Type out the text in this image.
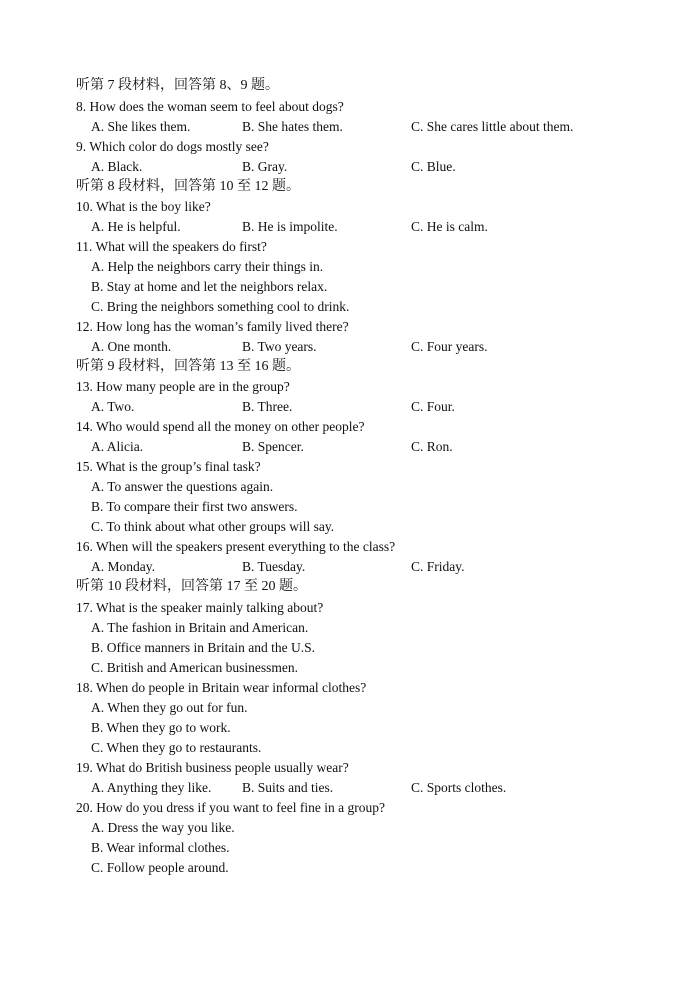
听第 7 段材料，回答第 8、9 题。
8. How does the woman seem to feel about dogs?
A. She likes them.	B. She hates them.	C. She cares little about them.
9. Which color do dogs mostly see?
A. Black.	B. Gray.	C. Blue.
听第 8 段材料，回答第 10 至 12 题。
10. What is the boy like?
A. He is helpful.	B. He is impolite.	C. He is calm.
11. What will the speakers do first?
A. Help the neighbors carry their things in.
B. Stay at home and let the neighbors relax.
C. Bring the neighbors something cool to drink.
12. How long has the woman’s family lived there?
A. One month.	B. Two years.	C. Four years.
听第 9 段材料，回答第 13 至 16 题。
13. How many people are in the group?
A. Two.	B. Three.	C. Four.
14. Who would spend all the money on other people?
A. Alicia.	B. Spencer.	C. Ron.
15. What is the group’s final task?
A. To answer the questions again.
B. To compare their first two answers.
C. To think about what other groups will say.
16. When will the speakers present everything to the class?
A. Monday.	B. Tuesday.	C. Friday.
听第 10 段材料，回答第 17 至 20 题。
17. What is the speaker mainly talking about?
A. The fashion in Britain and American.
B. Office manners in Britain and the U.S.
C. British and American businessmen.
18. When do people in Britain wear informal clothes?
A. When they go out for fun.
B. When they go to work.
C. When they go to restaurants.
19. What do British business people usually wear?
A. Anything they like. B. Suits and ties.	C. Sports clothes.
20. How do you dress if you want to feel fine in a group?
A. Dress the way you like.
B. Wear informal clothes.
C. Follow people around.
